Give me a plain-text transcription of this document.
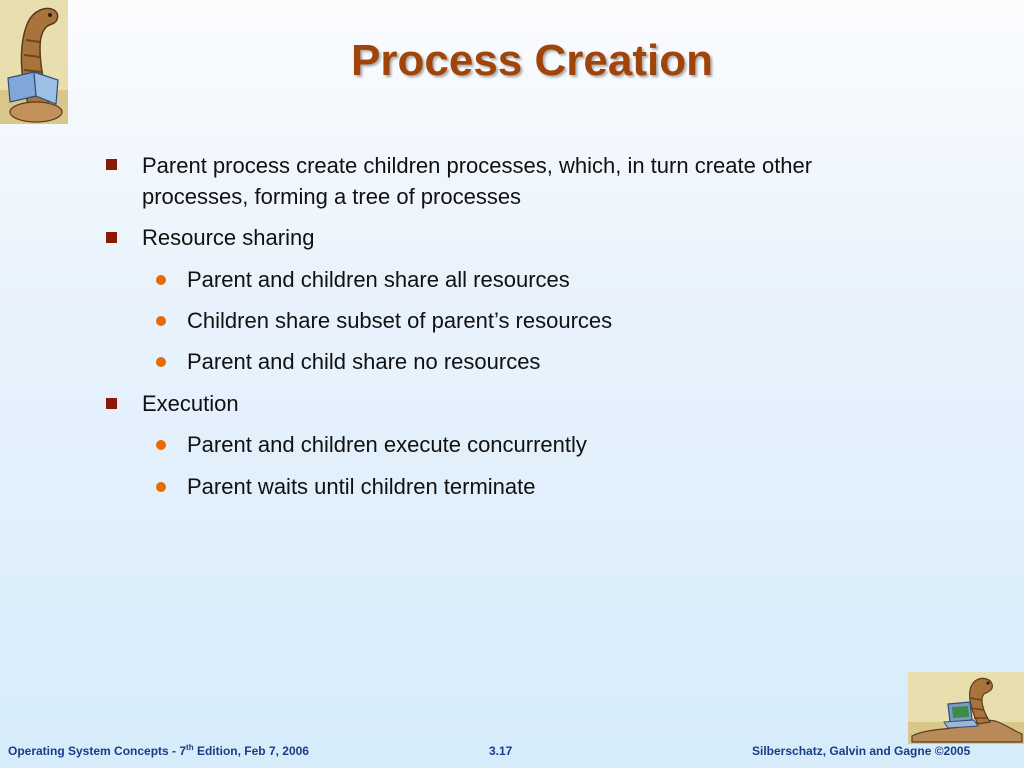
Process Creation
Parent process create children processes, which, in turn create other processes, forming a tree of processes
Resource sharing
Parent and children share all resources
Children share subset of parent’s resources
Parent and child share no resources
Execution
Parent and children execute concurrently
Parent waits until children terminate
Operating System Concepts - 7th Edition, Feb 7, 2006	3.17	Silberschatz, Galvin and Gagne ©2005
